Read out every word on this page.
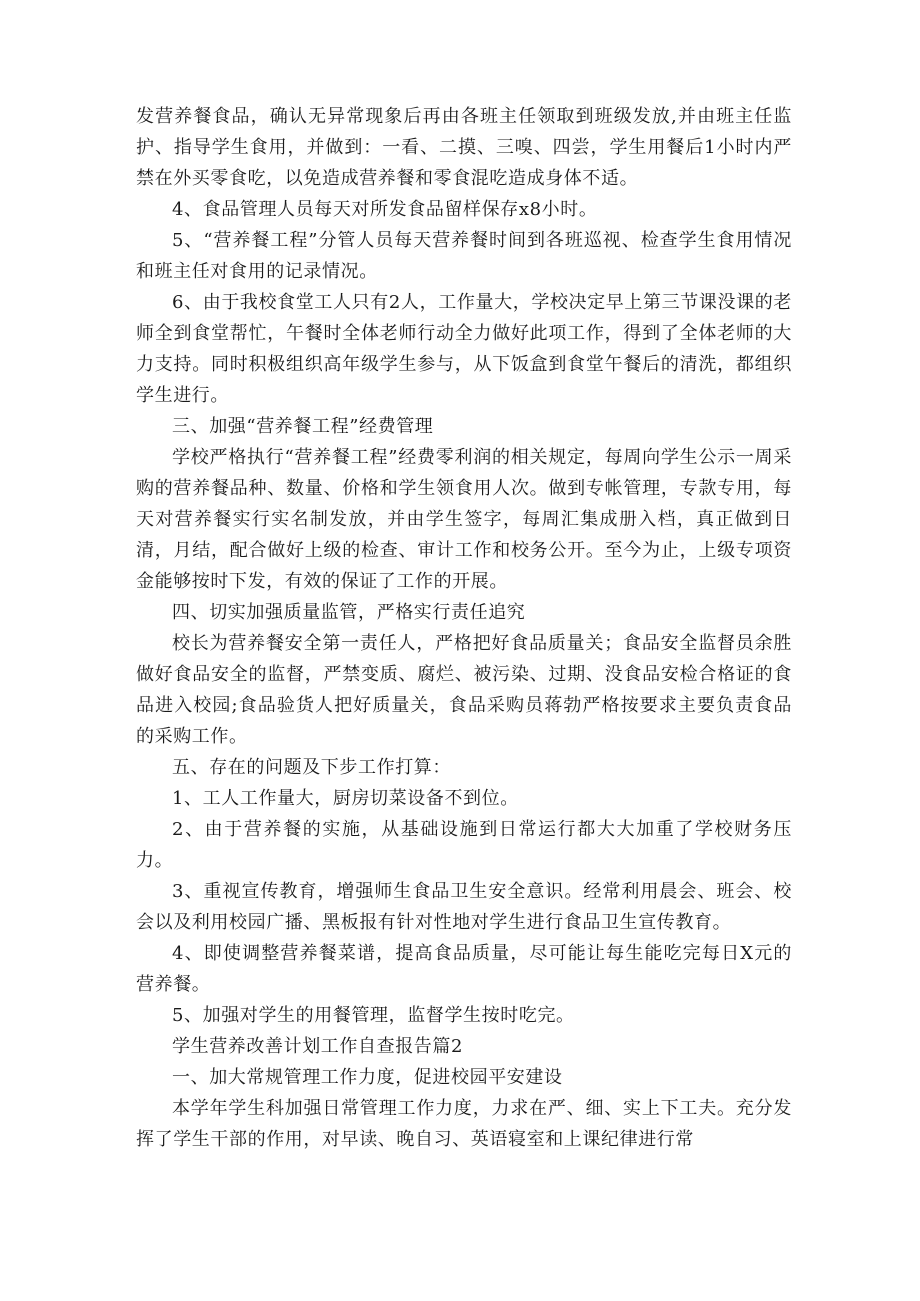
发营养餐食品，确认无异常现象后再由各班主任领取到班级发放,并由班主任监护、指导学生食用，并做到：一看、二摸、三嗅、四尝，学生用餐后1小时内严禁在外买零食吃，以免造成营养餐和零食混吃造成身体不适。

4、食品管理人员每天对所发食品留样保存x8小时。

5、“营养餐工程”分管人员每天营养餐时间到各班巡视、检查学生食用情况和班主任对食用的记录情况。

6、由于我校食堂工人只有2人，工作量大，学校决定早上第三节课没课的老师全到食堂帮忙，午餐时全体老师行动全力做好此项工作，得到了全体老师的大力支持。同时积极组织高年级学生参与，从下饭盒到食堂午餐后的清洗，都组织学生进行。

三、加强“营养餐工程”经费管理

学校严格执行“营养餐工程”经费零利润的相关规定，每周向学生公示一周采购的营养餐品种、数量、价格和学生领食用人次。做到专帐管理，专款专用，每天对营养餐实行实名制发放，并由学生签字，每周汇集成册入档，真正做到日清，月结，配合做好上级的检查、审计工作和校务公开。至今为止，上级专项资金能够按时下发，有效的保证了工作的开展。

四、切实加强质量监管，严格实行责任追究

校长为营养餐安全第一责任人，严格把好食品质量关；食品安全监督员余胜做好食品安全的监督，严禁变质、腐烂、被污染、过期、没食品安检合格证的食品进入校园;食品验货人把好质量关，食品采购员蒋勃严格按要求主要负责食品的采购工作。

五、存在的问题及下步工作打算：

1、工人工作量大，厨房切菜设备不到位。

2、由于营养餐的实施，从基础设施到日常运行都大大加重了学校财务压力。

3、重视宣传教育，增强师生食品卫生安全意识。经常利用晨会、班会、校会以及利用校园广播、黑板报有针对性地对学生进行食品卫生宣传教育。

4、即使调整营养餐菜谱，提高食品质量，尽可能让每生能吃完每日X元的营养餐。

5、加强对学生的用餐管理，监督学生按时吃完。

学生营养改善计划工作自查报告篇2

一、加大常规管理工作力度，促进校园平安建设

本学年学生科加强日常管理工作力度，力求在严、细、实上下工夫。充分发挥了学生干部的作用，对早读、晚自习、英语寝室和上课纪律进行常
